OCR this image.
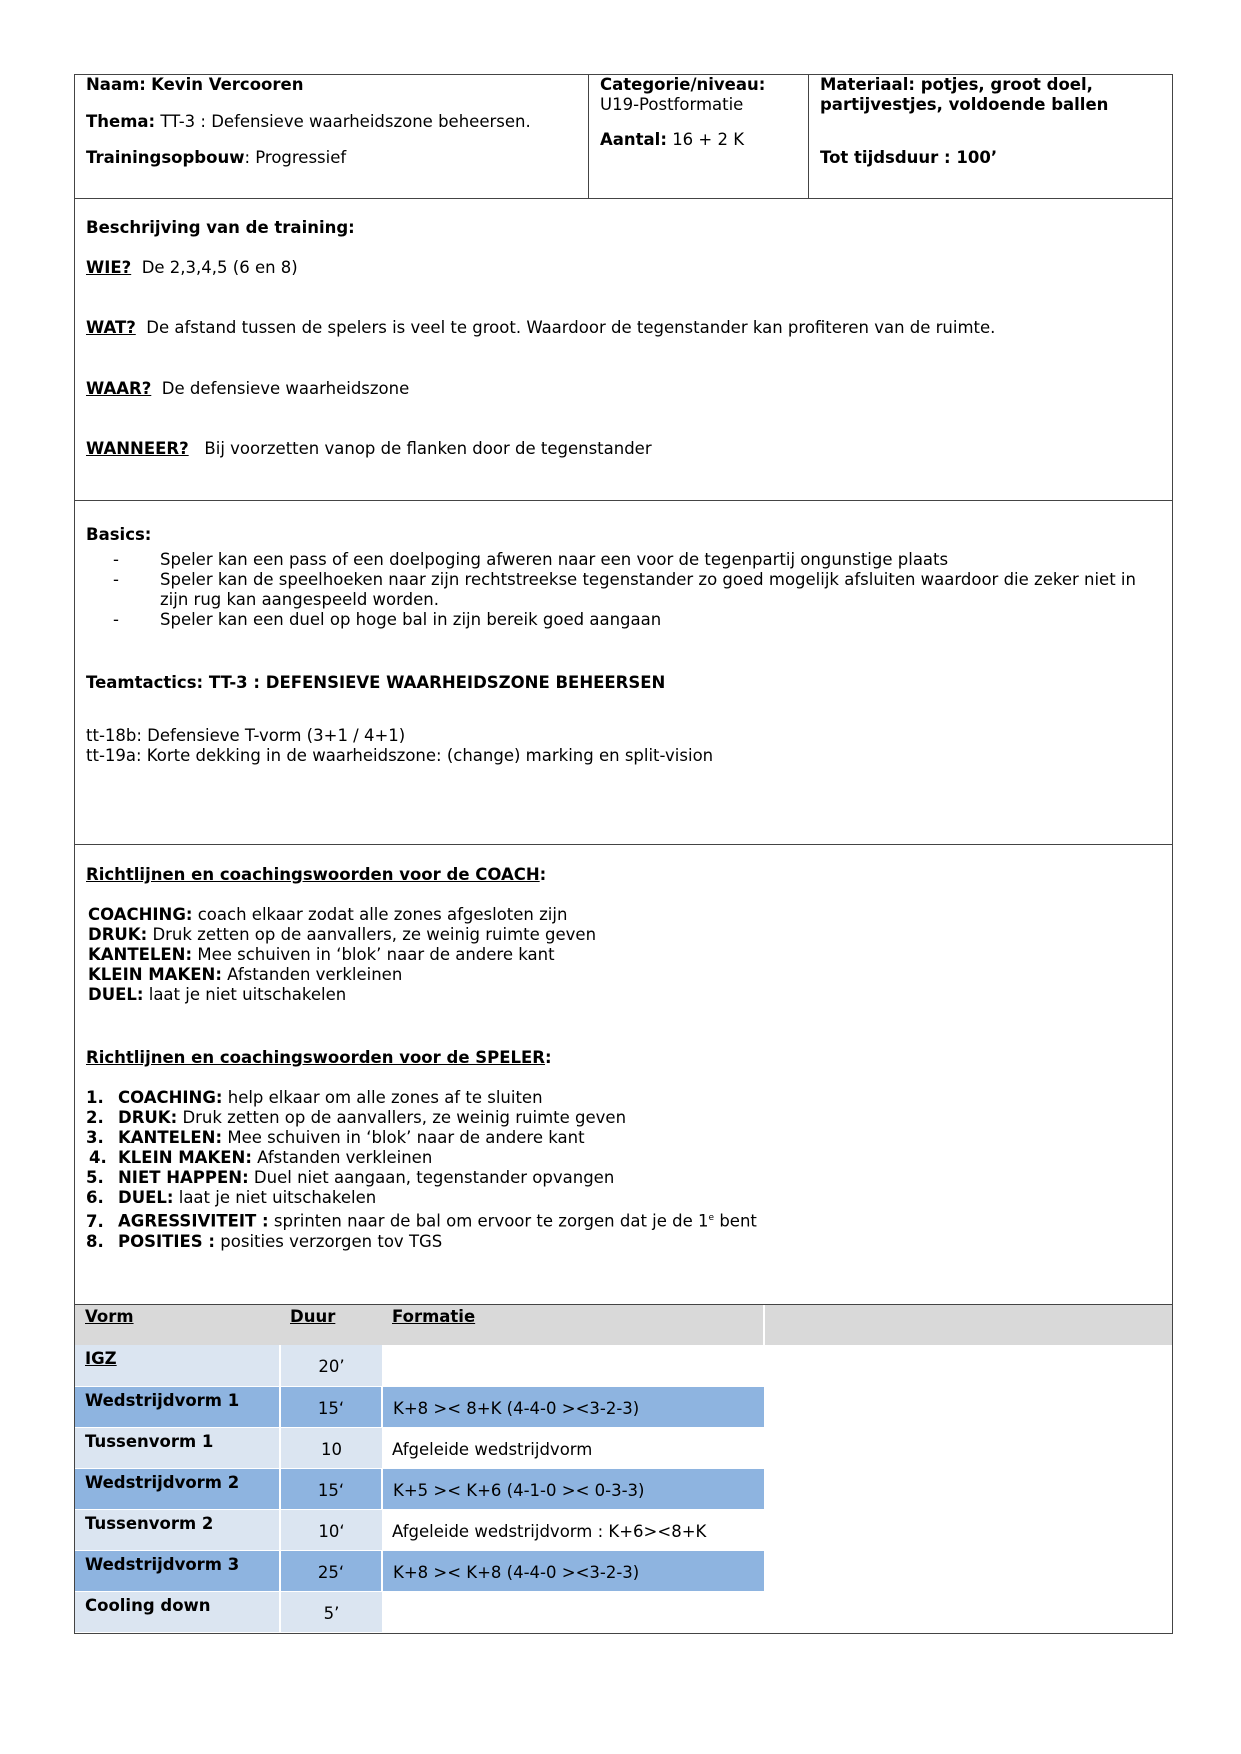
Naam: Kevin Vercooren
Thema: TT-3 : Defensieve waarheidszone beheersen.
Trainingsopbouw: Progressief
Categorie/niveau:
U19-Postformatie
Aantal: 16 + 2 K
Materiaal: potjes, groot doel, partijvestjes, voldoende ballen
Tot tijdsduur : 100’
Beschrijving van de training:
WIE? De 2,3,4,5 (6 en 8)
WAT? De afstand tussen de spelers is veel te groot. Waardoor de tegenstander kan profiteren van de ruimte.
WAAR? De defensieve waarheidszone
WANNEER? Bij voorzetten vanop de flanken door de tegenstander
Basics:
- Speler kan een pass of een doelpoging afweren naar een voor de tegenpartij ongunstige plaats
- Speler kan de speelhoeken naar zijn rechtstreekse tegenstander zo goed mogelijk afsluiten waardoor die zeker niet in zijn rug kan aangespeeld worden.
- Speler kan een duel op hoge bal in zijn bereik goed aangaan
Teamtactics: TT-3 : DEFENSIEVE WAARHEIDSZONE BEHEERSEN
tt-18b: Defensieve T-vorm (3+1 / 4+1)
tt-19a: Korte dekking in de waarheidszone: (change) marking en split-vision
Richtlijnen en coachingswoorden voor de COACH:
COACHING: coach elkaar zodat alle zones afgesloten zijn
DRUK: Druk zetten op de aanvallers, ze weinig ruimte geven
KANTELEN: Mee schuiven in ‘blok’ naar de andere kant
KLEIN MAKEN: Afstanden verkleinen
DUEL: laat je niet uitschakelen
Richtlijnen en coachingswoorden voor de SPELER:
1. COACHING: help elkaar om alle zones af te sluiten
2. DRUK: Druk zetten op de aanvallers, ze weinig ruimte geven
3. KANTELEN: Mee schuiven in ‘blok’ naar de andere kant
4. KLEIN MAKEN: Afstanden verkleinen
5. NIET HAPPEN: Duel niet aangaan, tegenstander opvangen
6. DUEL: laat je niet uitschakelen
7. AGRESSIVITEIT : sprinten naar de bal om ervoor te zorgen dat je de 1e bent
8. POSITIES : posities verzorgen tov TGS
Vorm	Duur	Formatie	
IGZ	20’		
Wedstrijdvorm 1	15‘	K+8 >< 8+K (4-4-0 ><3-2-3)	
Tussenvorm 1	10	Afgeleide wedstrijdvorm	
Wedstrijdvorm 2	15‘	K+5 >< K+6 (4-1-0 >< 0-3-3)	
Tussenvorm 2	10‘	Afgeleide wedstrijdvorm : K+6><8+K	
Wedstrijdvorm 3	25‘	K+8 >< K+8 (4-4-0 ><3-2-3)	
Cooling down	5’		
